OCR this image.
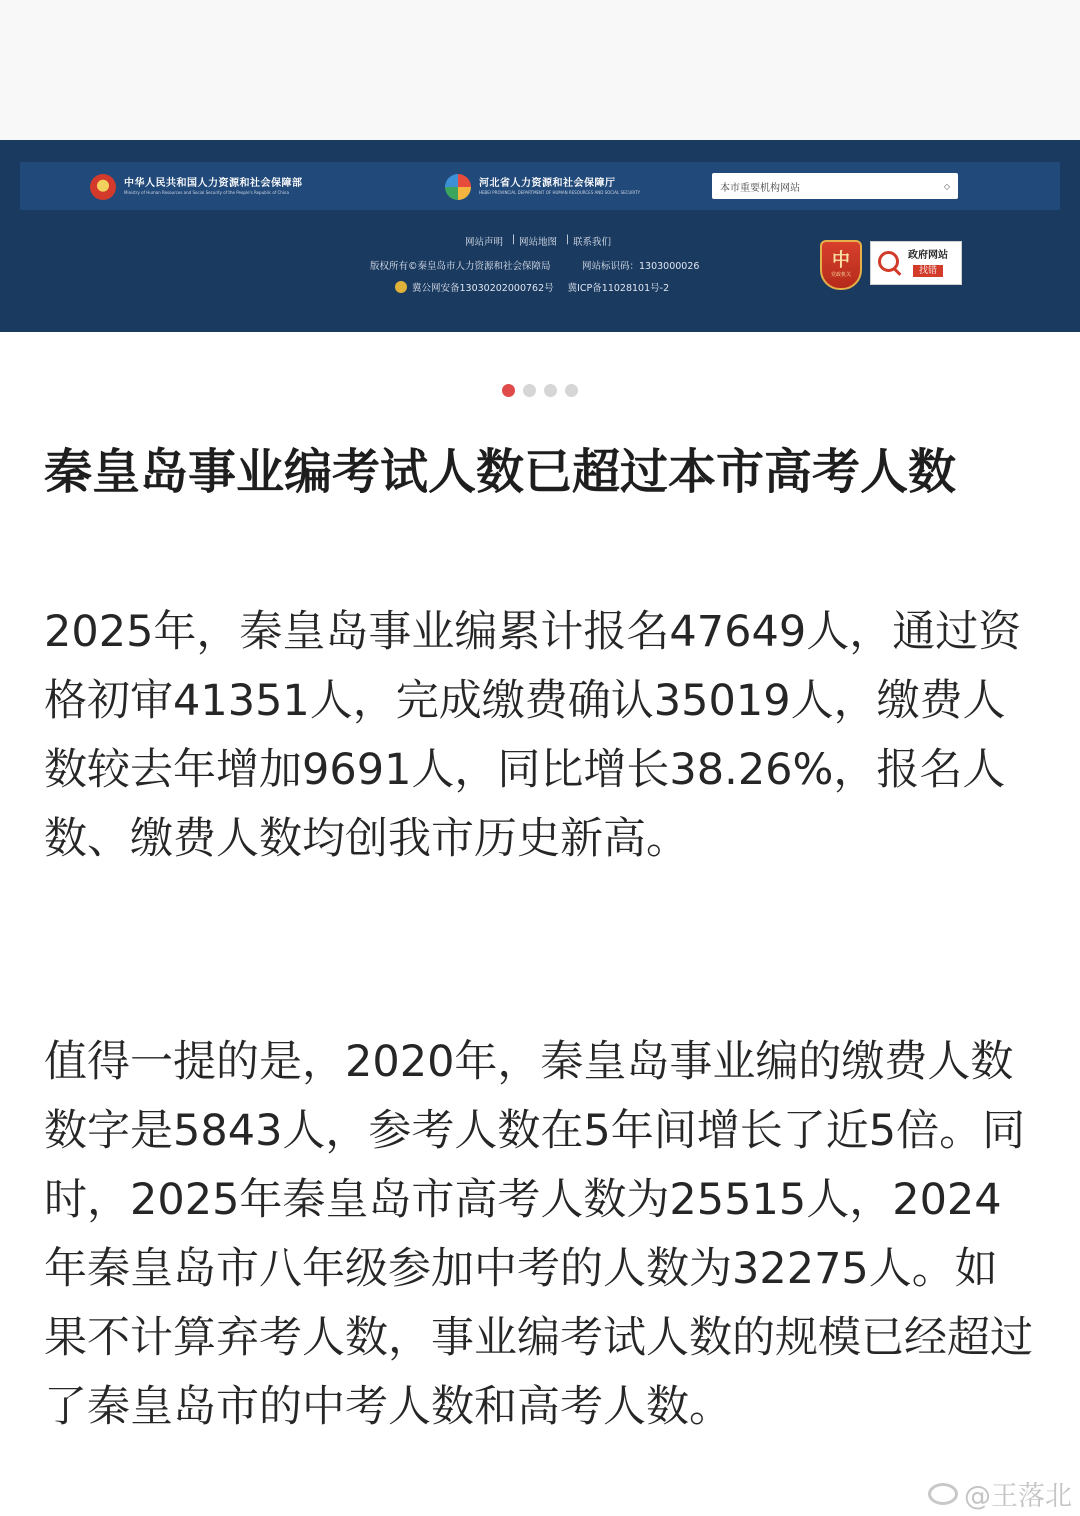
中华人民共和国人力资源和社会保障部
Ministry of Human Resources and Social Security of the People's Republic of China
河北省人力资源和社会保障厅
HEBEI PROVINCIAL DEPARTMENT OF HUMAN RESOURCES AND SOCIAL SECURITY	本市重要机构网站	◇
网站声明 | 网站地图 | 联系我们
版权所有©秦皇岛市人力资源和社会保障局	网站标识码：1303000026
冀公网安备13030202000762号 冀ICP备11028101号-2
中
党政机关
政府网站
找错
秦皇岛事业编考试人数已超过本市高考人数

2025年，秦皇岛事业编累计报名47649人，通过资格初审41351人，完成缴费确认35019人，缴费人数较去年增加9691人，同比增长38.26%，报名人数、缴费人数均创我市历史新高。

值得一提的是，2020年，秦皇岛事业编的缴费人数数字是5843人，参考人数在5年间增长了近5倍。同时，2025年秦皇岛市高考人数为25515人，2024年秦皇岛市八年级参加中考的人数为32275人。如果不计算弃考人数，事业编考试人数的规模已经超过了秦皇岛市的中考人数和高考人数。

@王落北
